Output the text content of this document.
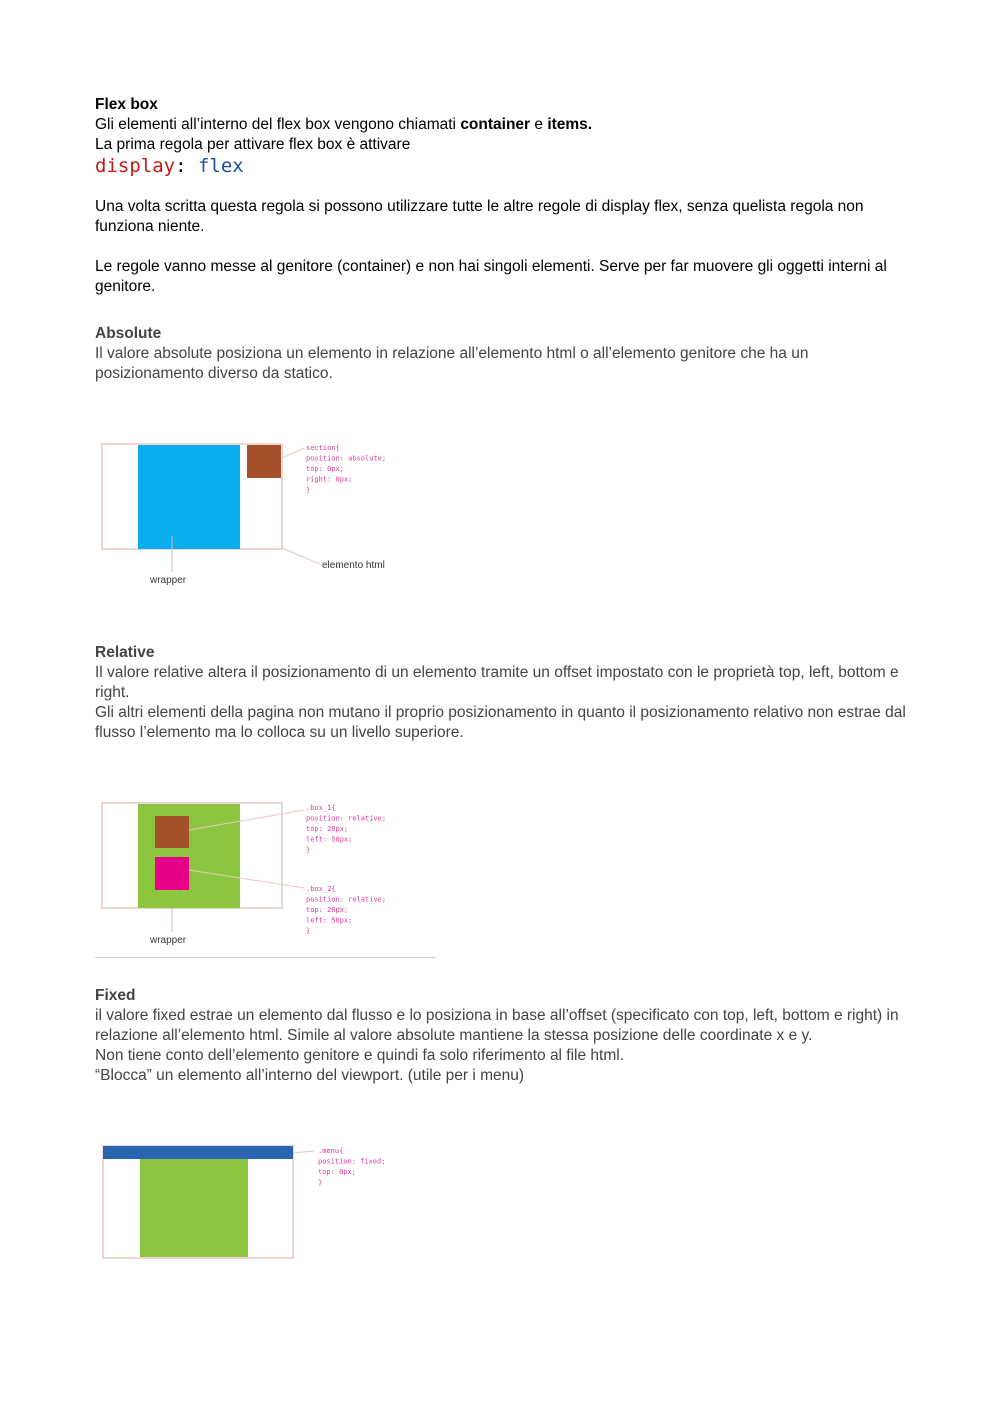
Flex box

Gli elementi all’interno del flex box vengono chiamati container e items.

La prima regola per attivare flex box è attivare

display: flex

Una volta scritta questa regola si possono utilizzare tutte le altre regole di display flex, senza quelista regola non funziona niente.

Le regole vanno messe al genitore (container) e non hai singoli elementi. Serve per far muovere gli oggetti interni al genitore.

Absolute

Il valore absolute posiziona un elemento in relazione all’elemento html o all’elemento genitore che ha un posizionamento diverso da statico.

section{
position: absolute;
top: 0px;
right: 0px;
}
wrapper
elemento html
Relative

Il valore relative altera il posizionamento di un elemento tramite un offset impostato con le proprietà top, left, bottom e right.

Gli altri elementi della pagina non mutano il proprio posizionamento in quanto il posizionamento relativo non estrae dal flusso l’elemento ma lo colloca su un livello superiore.

.box_1{
position: relative;
top: 20px;
left: 50px;
}
.box_2{
position: relative;
top: 20px;
left: 50px;
}
wrapper
Fixed

il valore fixed estrae un elemento dal flusso e lo posiziona in base all’offset (specificato con top, left, bottom e right) in relazione all’elemento html. Simile al valore absolute mantiene la stessa posizione delle coordinate x e y.

Non tiene conto dell’elemento genitore e quindi fa solo riferimento al file html.

“Blocca” un elemento all’interno del viewport. (utile per i menu)

.menu{
position: fixed;
top: 0px;
}
